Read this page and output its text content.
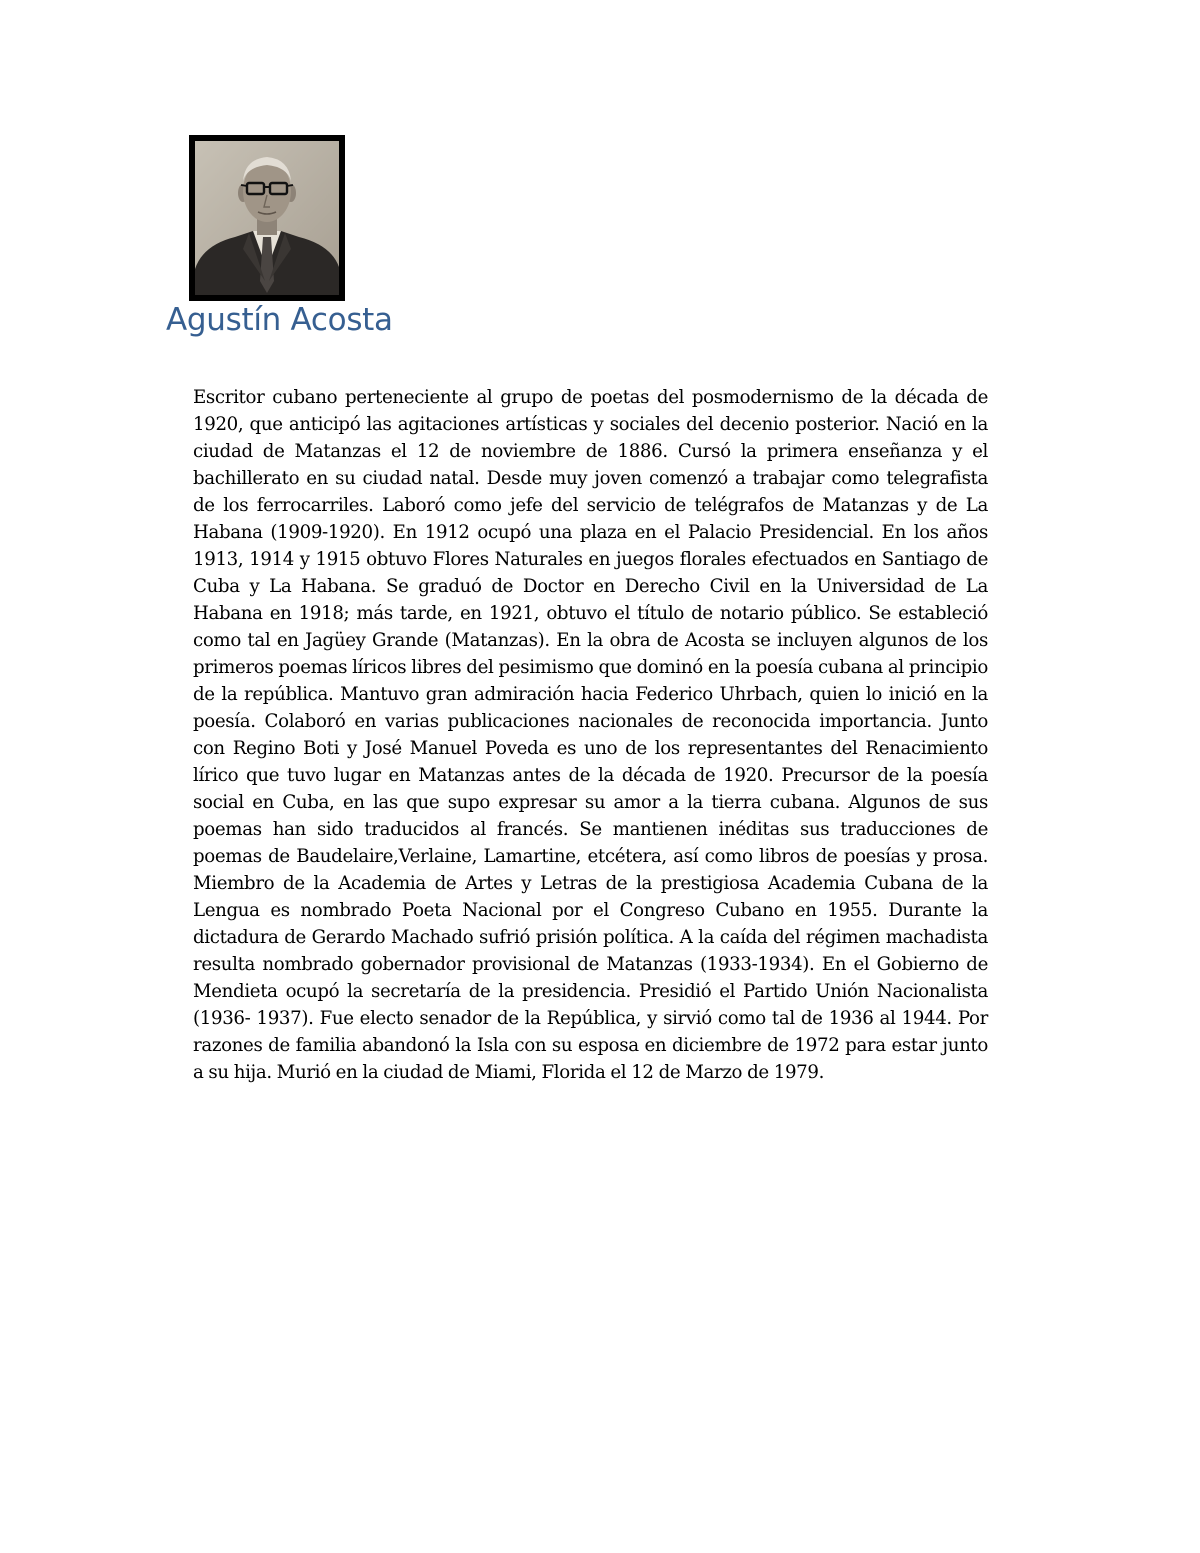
Agustín Acosta

Escritor cubano perteneciente al grupo de poetas del posmodernismo de la década de 1920, que anticipó las agitaciones artísticas y sociales del decenio posterior. Nació en la ciudad de Matanzas el 12 de noviembre de 1886. Cursó la primera enseñanza y el bachillerato en su ciudad natal. Desde muy joven comenzó a trabajar como telegrafista de los ferrocarriles. Laboró como jefe del servicio de telégrafos de Matanzas y de La Habana (1909-1920). En 1912 ocupó una plaza en el Palacio Presidencial. En los años 1913, 1914 y 1915 obtuvo Flores Naturales en juegos florales efectuados en Santiago de Cuba y La Habana. Se graduó de Doctor en Derecho Civil en la Universidad de La Habana en 1918; más tarde, en 1921, obtuvo el título de notario público. Se estableció como tal en Jagüey Grande (Matanzas). En la obra de Acosta se incluyen algunos de los primeros poemas líricos libres del pesimismo que dominó en la poesía cubana al principio de la república. Mantuvo gran admiración hacia Federico Uhrbach, quien lo inició en la poesía. Colaboró en varias publicaciones nacionales de reconocida importancia. Junto con Regino Boti y José Manuel Poveda es uno de los representantes del Renacimiento lírico que tuvo lugar en Matanzas antes de la década de 1920. Precursor de la poesía social en Cuba, en las que supo expresar su amor a la tierra cubana. Algunos de sus poemas han sido traducidos al francés. Se mantienen inéditas sus traducciones de poemas de Baudelaire,Verlaine, Lamartine, etcétera, así como libros de poesías y prosa. Miembro de la Academia de Artes y Letras de la prestigiosa Academia Cubana de la Lengua es nombrado Poeta Nacional por el Congreso Cubano en 1955. Durante la dictadura de Gerardo Machado sufrió prisión política. A la caída del régimen machadista resulta nombrado gobernador provisional de Matanzas (1933-1934). En el Gobierno de Mendieta ocupó la secretaría de la presidencia. Presidió el Partido Unión Nacionalista (1936- 1937). Fue electo senador de la República, y sirvió como tal de 1936 al 1944. Por razones de familia abandonó la Isla con su esposa en diciembre de 1972 para estar junto a su hija. Murió en la ciudad de Miami, Florida el 12 de Marzo de 1979.
